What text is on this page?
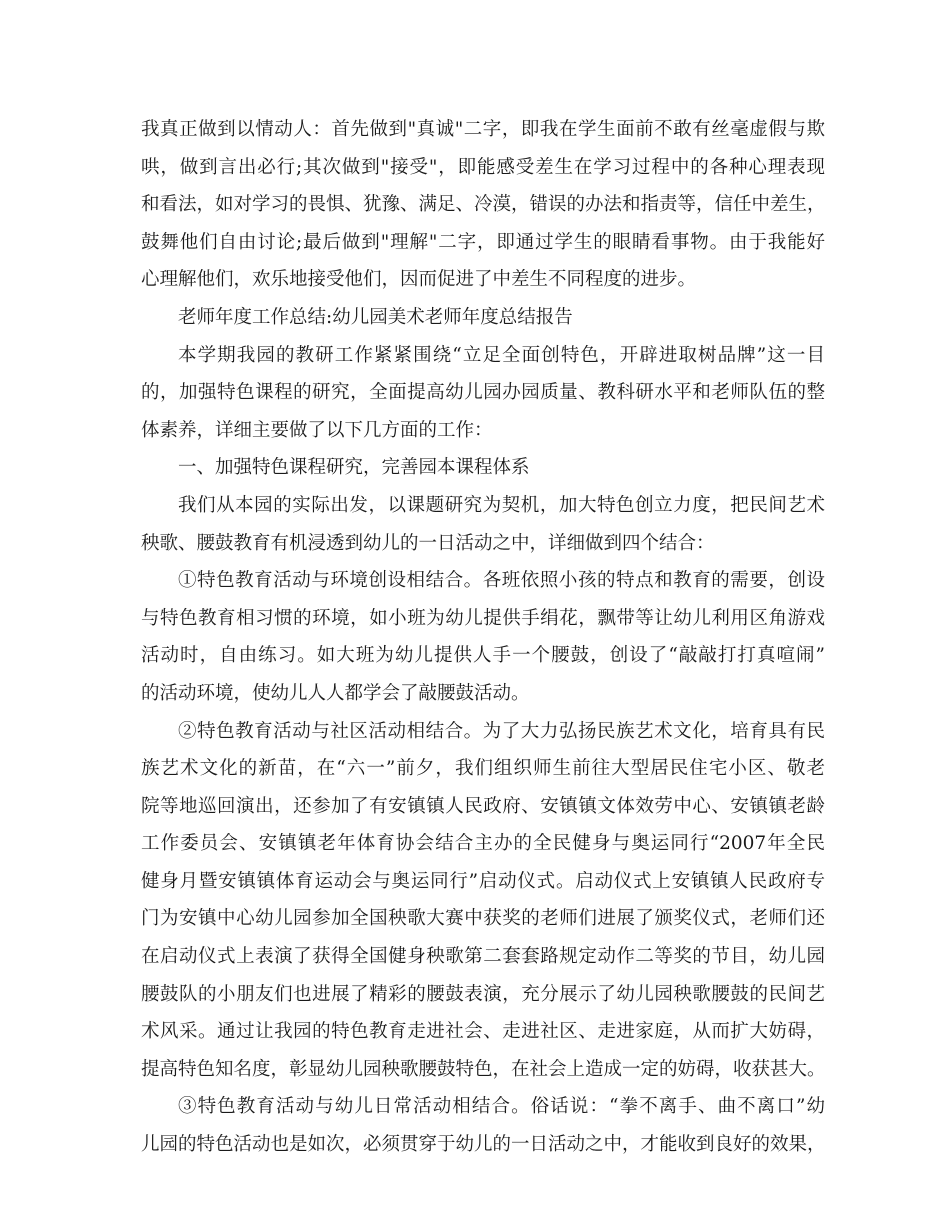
我真正做到以情动人：首先做到"真诚"二字，即我在学生面前不敢有丝毫虚假与欺
哄，做到言出必行;其次做到"接受"，即能感受差生在学习过程中的各种心理表现
和看法，如对学习的畏惧、犹豫、满足、冷漠，错误的办法和指责等，信任中差生，
鼓舞他们自由讨论;最后做到"理解"二字，即通过学生的眼睛看事物。由于我能好
心理解他们，欢乐地接受他们，因而促进了中差生不同程度的进步。
老师年度工作总结:幼儿园美术老师年度总结报告
本学期我园的教研工作紧紧围绕“立足全面创特色，开辟进取树品牌”这一目
的，加强特色课程的研究，全面提高幼儿园办园质量、教科研水平和老师队伍的整
体素养，详细主要做了以下几方面的工作：
一、加强特色课程研究，完善园本课程体系
我们从本园的实际出发，以课题研究为契机，加大特色创立力度，把民间艺术
秧歌、腰鼓教育有机浸透到幼儿的一日活动之中，详细做到四个结合：
①特色教育活动与环境创设相结合。各班依照小孩的特点和教育的需要，创设
与特色教育相习惯的环境，如小班为幼儿提供手绢花，飘带等让幼儿利用区角游戏
活动时，自由练习。如大班为幼儿提供人手一个腰鼓，创设了“敲敲打打真喧闹”
的活动环境，使幼儿人人都学会了敲腰鼓活动。
②特色教育活动与社区活动相结合。为了大力弘扬民族艺术文化，培育具有民
族艺术文化的新苗，在“六一”前夕，我们组织师生前往大型居民住宅小区、敬老
院等地巡回演出，还参加了有安镇镇人民政府、安镇镇文体效劳中心、安镇镇老龄
工作委员会、安镇镇老年体育协会结合主办的全民健身与奥运同行“2007年全民
健身月暨安镇镇体育运动会与奥运同行”启动仪式。启动仪式上安镇镇人民政府专
门为安镇中心幼儿园参加全国秧歌大赛中获奖的老师们进展了颁奖仪式，老师们还
在启动仪式上表演了获得全国健身秧歌第二套套路规定动作二等奖的节目，幼儿园
腰鼓队的小朋友们也进展了精彩的腰鼓表演，充分展示了幼儿园秧歌腰鼓的民间艺
术风采。通过让我园的特色教育走进社会、走进社区、走进家庭，从而扩大妨碍，
提高特色知名度，彰显幼儿园秧歌腰鼓特色，在社会上造成一定的妨碍，收获甚大。
③特色教育活动与幼儿日常活动相结合。俗话说：“拳不离手、曲不离口”幼
儿园的特色活动也是如次，必须贯穿于幼儿的一日活动之中，才能收到良好的效果，
